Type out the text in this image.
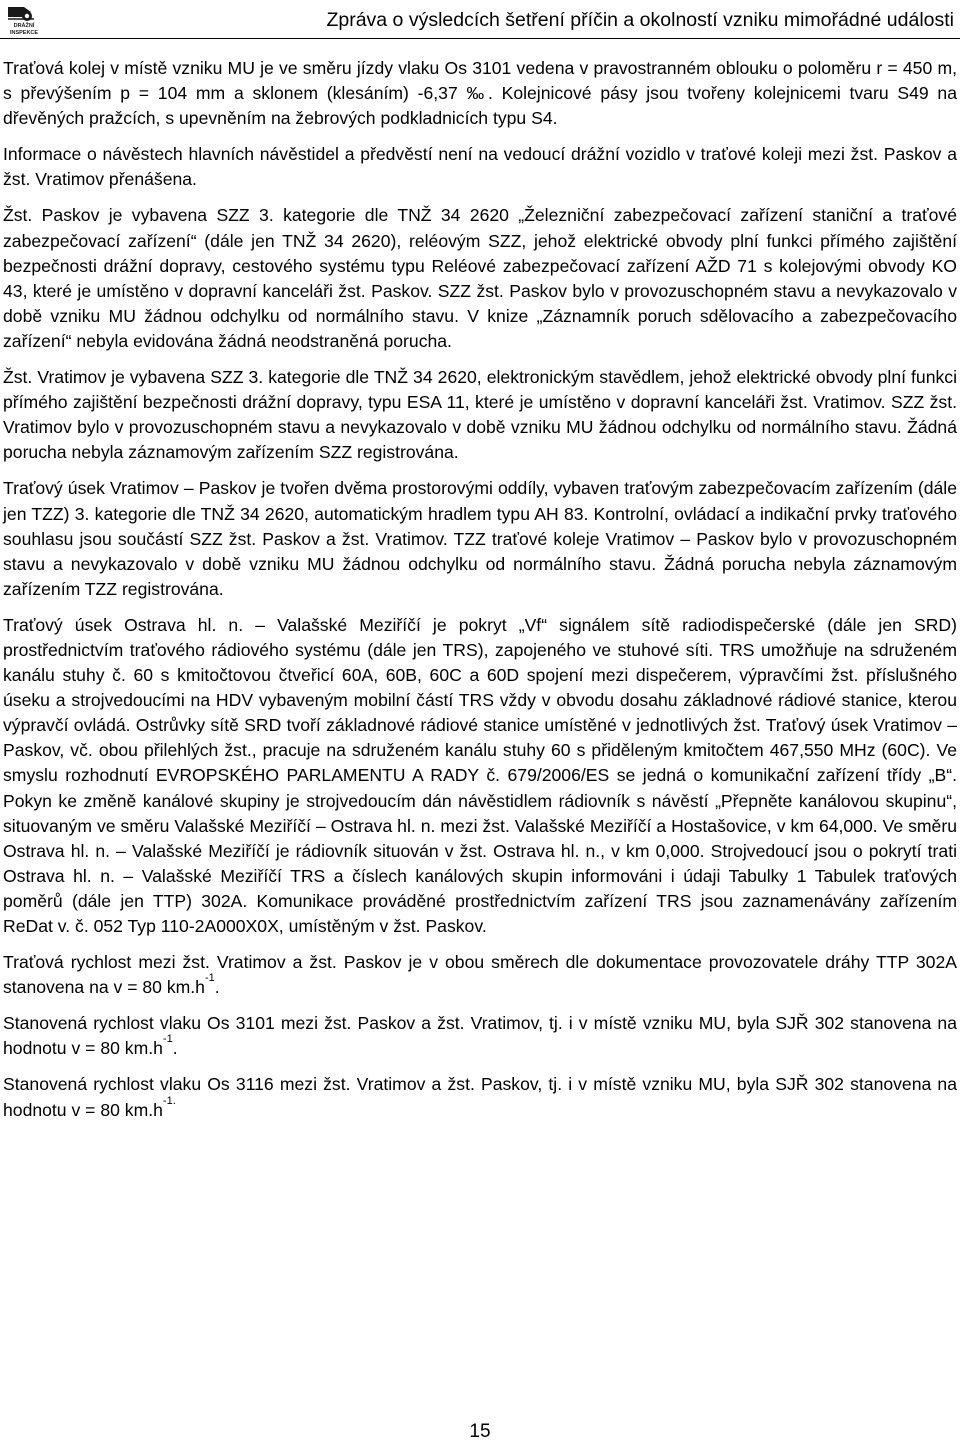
DRÁŽNÍ
INSPEKCE
Zpráva o výsledcích šetření příčin a okolností vzniku mimořádné události

Traťová kolej v místě vzniku MU je ve směru jízdy vlaku Os 3101 vedena v pravostranném oblouku o poloměru r = 450 m, s převýšením p = 104 mm a sklonem (klesáním) -6,37 ‰. Kolejnicové pásy jsou tvořeny kolejnicemi tvaru S49 na dřevěných pražcích, s upevněním na žebrových podkladnicích typu S4.

Informace o návěstech hlavních návěstidel a předvěstí není na vedoucí drážní vozidlo v traťové koleji mezi žst. Paskov a žst. Vratimov přenášena.

Žst. Paskov je vybavena SZZ 3. kategorie dle TNŽ 34 2620 „Železniční zabezpečovací zařízení staniční a traťové zabezpečovací zařízení“ (dále jen TNŽ 34 2620), reléovým SZZ, jehož elektrické obvody plní funkci přímého zajištění bezpečnosti drážní dopravy, cestového systému typu Reléové zabezpečovací zařízení AŽD 71 s kolejovými obvody KO 43, které je umístěno v dopravní kanceláři žst. Paskov. SZZ žst. Paskov bylo v provozuschopném stavu a nevykazovalo v době vzniku MU žádnou odchylku od normálního stavu. V knize „Záznamník poruch sdělovacího a zabezpečovacího zařízení“ nebyla evidována žádná neodstraněná porucha.

Žst. Vratimov je vybavena SZZ 3. kategorie dle TNŽ 34 2620, elektronickým stavědlem, jehož elektrické obvody plní funkci přímého zajištění bezpečnosti drážní dopravy, typu ESA 11, které je umístěno v dopravní kanceláři žst. Vratimov. SZZ žst. Vratimov bylo v provozuschopném stavu a nevykazovalo v době vzniku MU žádnou odchylku od normálního stavu. Žádná porucha nebyla záznamovým zařízením SZZ registrována.

Traťový úsek Vratimov – Paskov je tvořen dvěma prostorovými oddíly, vybaven traťovým zabezpečovacím zařízením (dále jen TZZ) 3. kategorie dle TNŽ 34 2620, automatickým hradlem typu AH 83. Kontrolní, ovládací a indikační prvky traťového souhlasu jsou součástí SZZ žst. Paskov a žst. Vratimov. TZZ traťové koleje Vratimov – Paskov bylo v provozuschopném stavu a nevykazovalo v době vzniku MU žádnou odchylku od normálního stavu. Žádná porucha nebyla záznamovým zařízením TZZ registrována.

Traťový úsek Ostrava hl. n. – Valašské Meziříčí je pokryt „Vf“ signálem sítě radiodispečerské (dále jen SRD) prostřednictvím traťového rádiového systému (dále jen TRS), zapojeného ve stuhové síti. TRS umožňuje na sdruženém kanálu stuhy č. 60 s kmitočtovou čtveřicí 60A, 60B, 60C a 60D spojení mezi dispečerem, výpravčími žst. příslušného úseku a strojvedoucími na HDV vybaveným mobilní částí TRS vždy v obvodu dosahu základnové rádiové stanice, kterou výpravčí ovládá. Ostrůvky sítě SRD tvoří základnové rádiové stanice umístěné v jednotlivých žst. Traťový úsek Vratimov – Paskov, vč. obou přilehlých žst., pracuje na sdruženém kanálu stuhy 60 s přiděleným kmitočtem 467,550 MHz (60C). Ve smyslu rozhodnutí EVROPSKÉHO PARLAMENTU A RADY č. 679/2006/ES se jedná o komunikační zařízení třídy „B“. Pokyn ke změně kanálové skupiny je strojvedoucím dán návěstidlem rádiovník s návěstí „Přepněte kanálovou skupinu“, situovaným ve směru Valašské Meziříčí – Ostrava hl. n. mezi žst. Valašské Meziříčí a Hostašovice, v km 64,000. Ve směru Ostrava hl. n. – Valašské Meziříčí je rádiovník situován v žst. Ostrava hl. n., v km 0,000. Strojvedoucí jsou o pokrytí trati Ostrava hl. n. – Valašské Meziříčí TRS a číslech kanálových skupin informováni i údaji Tabulky 1 Tabulek traťových poměrů (dále jen TTP) 302A. Komunikace prováděné prostřednictvím zařízení TRS jsou zaznamenávány zařízením ReDat v. č. 052 Typ 110-2A000X0X, umístěným v žst. Paskov.

Traťová rychlost mezi žst. Vratimov a žst. Paskov je v obou směrech dle dokumentace provozovatele dráhy TTP 302A stanovena na v = 80 $km.h^{-1}$.

Stanovená rychlost vlaku Os 3101 mezi žst. Paskov a žst. Vratimov, tj. i v místě vzniku MU, byla SJŘ 302 stanovena na hodnotu v = 80 $km.h^{-1}$.

Stanovená rychlost vlaku Os 3116 mezi žst. Vratimov a žst. Paskov, tj. i v místě vzniku MU, byla SJŘ 302 stanovena na hodnotu v = 80 $km.h^{-1.}$

15
